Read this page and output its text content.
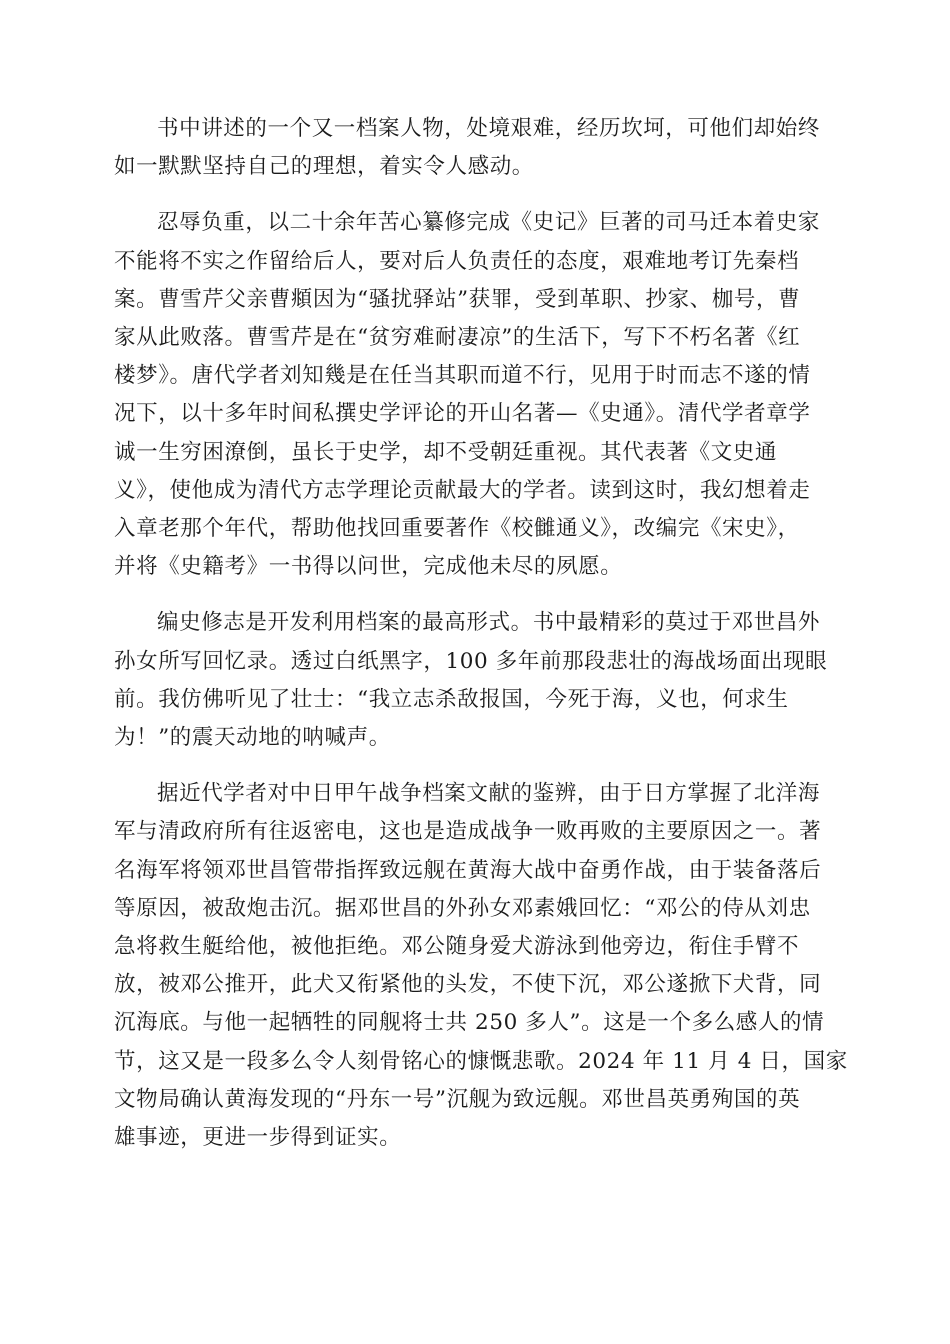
书中讲述的一个又一档案人物，处境艰难，经历坎坷，可他们却始终
如一默默坚持自己的理想，着实令人感动。

忍辱负重，以二十余年苦心纂修完成《史记》巨著的司马迁本着史家
不能将不实之作留给后人，要对后人负责任的态度，艰难地考订先秦档
案。曹雪芹父亲曹頫因为“骚扰驿站”获罪，受到革职、抄家、枷号，曹
家从此败落。曹雪芹是在“贫穷难耐凄凉”的生活下，写下不朽名著《红
楼梦》。唐代学者刘知幾是在任当其职而道不行，见用于时而志不遂的情
况下，以十多年时间私撰史学评论的开山名著—《史通》。清代学者章学
诚一生穷困潦倒，虽长于史学，却不受朝廷重视。其代表著《文史通
义》，使他成为清代方志学理论贡献最大的学者。读到这时，我幻想着走
入章老那个年代，帮助他找回重要著作《校雠通义》，改编完《宋史》，
并将《史籍考》一书得以问世，完成他未尽的夙愿。

编史修志是开发利用档案的最高形式。书中最精彩的莫过于邓世昌外
孙女所写回忆录。透过白纸黑字，100 多年前那段悲壮的海战场面出现眼
前。我仿佛听见了壮士：“我立志杀敌报国，今死于海，义也，何求生
为！”的震天动地的呐喊声。

据近代学者对中日甲午战争档案文献的鉴辨，由于日方掌握了北洋海
军与清政府所有往返密电，这也是造成战争一败再败的主要原因之一。著
名海军将领邓世昌管带指挥致远舰在黄海大战中奋勇作战，由于装备落后
等原因，被敌炮击沉。据邓世昌的外孙女邓素娥回忆：“邓公的侍从刘忠
急将救生艇给他，被他拒绝。邓公随身爱犬游泳到他旁边，衔住手臂不
放，被邓公推开，此犬又衔紧他的头发，不使下沉，邓公遂掀下犬背，同
沉海底。与他一起牺牲的同舰将士共 250 多人”。这是一个多么感人的情
节，这又是一段多么令人刻骨铭心的慷慨悲歌。2024 年 11 月 4 日，国家
文物局确认黄海发现的“丹东一号”沉舰为致远舰。邓世昌英勇殉国的英
雄事迹，更进一步得到证实。
